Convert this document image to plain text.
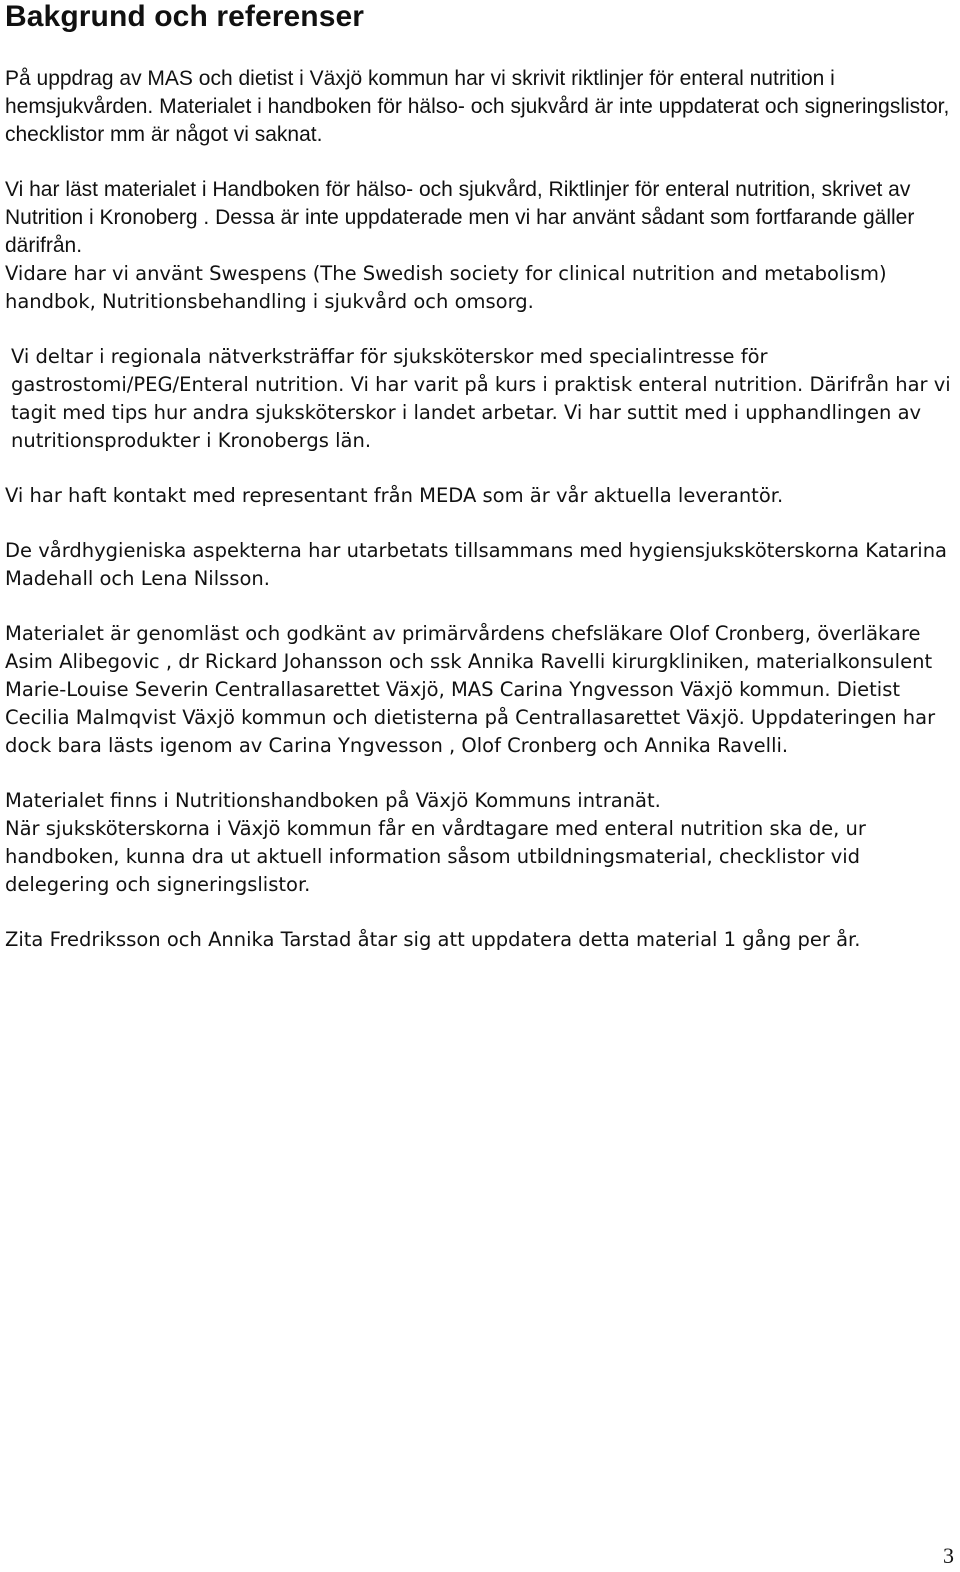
Bakgrund och referenser

På uppdrag av MAS och dietist i Växjö kommun har vi skrivit riktlinjer för enteral nutrition i hemsjukvården. Materialet i handboken för hälso- och sjukvård är inte uppdaterat och signeringslistor, checklistor mm är något vi saknat.

Vi har läst materialet i Handboken för hälso- och sjukvård, Riktlinjer för enteral nutrition, skrivet av Nutrition i Kronoberg . Dessa är inte uppdaterade men vi har använt sådant som fortfarande gäller därifrån.

Vidare har vi använt Swespens (The Swedish society for clinical nutrition and metabolism) handbok, Nutritionsbehandling i sjukvård och omsorg.

Vi deltar i regionala nätverksträffar för sjuksköterskor med specialintresse för gastrostomi/PEG/Enteral nutrition. Vi har varit på kurs i praktisk enteral nutrition. Därifrån har vi tagit med tips hur andra sjuksköterskor i landet arbetar. Vi har suttit med i upphandlingen av nutritionsprodukter i Kronobergs län.

Vi har haft kontakt med representant från MEDA som är vår aktuella leverantör.

De vårdhygieniska aspekterna har utarbetats tillsammans med hygiensjuksköterskorna Katarina Madehall och Lena Nilsson.

Materialet är genomläst och godkänt av primärvårdens chefsläkare Olof Cronberg, överläkare Asim Alibegovic , dr Rickard Johansson och ssk Annika Ravelli kirurgkliniken, materialkonsulent Marie-Louise Severin Centrallasarettet Växjö, MAS Carina Yngvesson Växjö kommun. Dietist Cecilia Malmqvist Växjö kommun och dietisterna på Centrallasarettet Växjö. Uppdateringen har dock bara lästs igenom av Carina Yngvesson , Olof Cronberg och Annika Ravelli.

Materialet finns i Nutritionshandboken på Växjö Kommuns intranät.

När sjuksköterskorna i Växjö kommun får en vårdtagare med enteral nutrition ska de, ur handboken, kunna dra ut aktuell information såsom utbildningsmaterial, checklistor vid delegering och signeringslistor.

Zita Fredriksson och Annika Tarstad åtar sig att uppdatera detta material 1 gång per år.

3
